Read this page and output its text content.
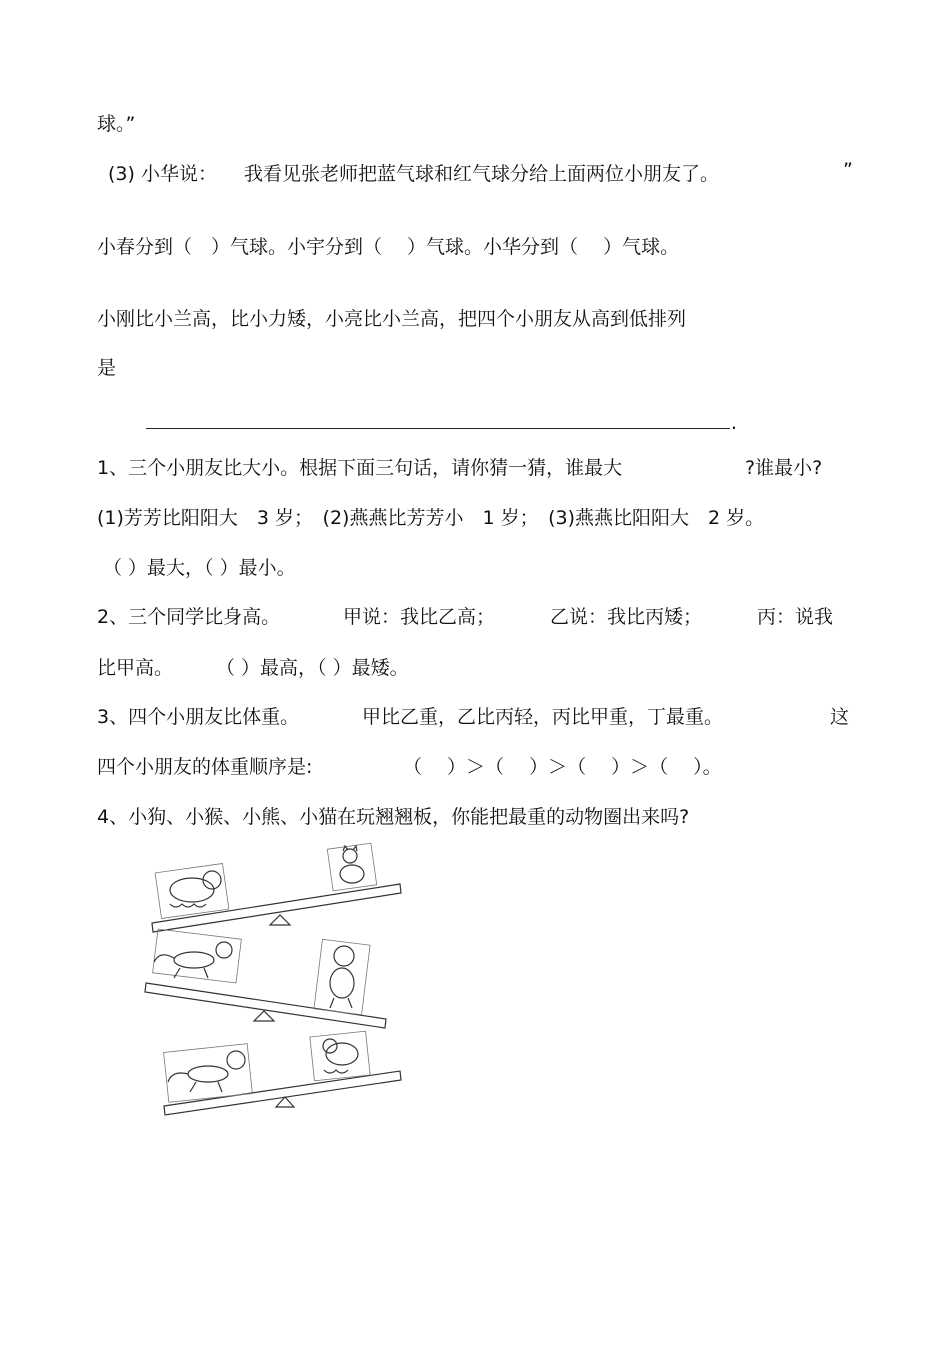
球。”

(3) 小华说： 我看见张老师把蓝气球和红气球分给上面两位小朋友了。	”

小春分到（　）气球。小宇分到（　 ）气球。小华分到（　 ）气球。

小刚比小兰高，比小力矮，小亮比小兰高，把四个小朋友从高到低排列

是

.

1、三个小朋友比大小。根据下面三句话，请你猜一猜，谁最大	?谁最小?

(1)芳芳比阳阳大　3 岁；　(2)燕燕比芳芳小　1 岁；　(3)燕燕比阳阳大　2 岁。

（ ）最大，（ ）最小。

2、三个同学比身高。	甲说：我比乙高；	乙说：我比丙矮；	丙：说我

比甲高。 （ ）最高，（ ）最矮。

3、四个小朋友比体重。	甲比乙重，乙比丙轻，丙比甲重，丁最重。	这

四个小朋友的体重顺序是:	（　 ）＞（　 ）＞（　 ）＞（　 ）。

4、小狗、小猴、小熊、小猫在玩翘翘板，你能把最重的动物圈出来吗?
